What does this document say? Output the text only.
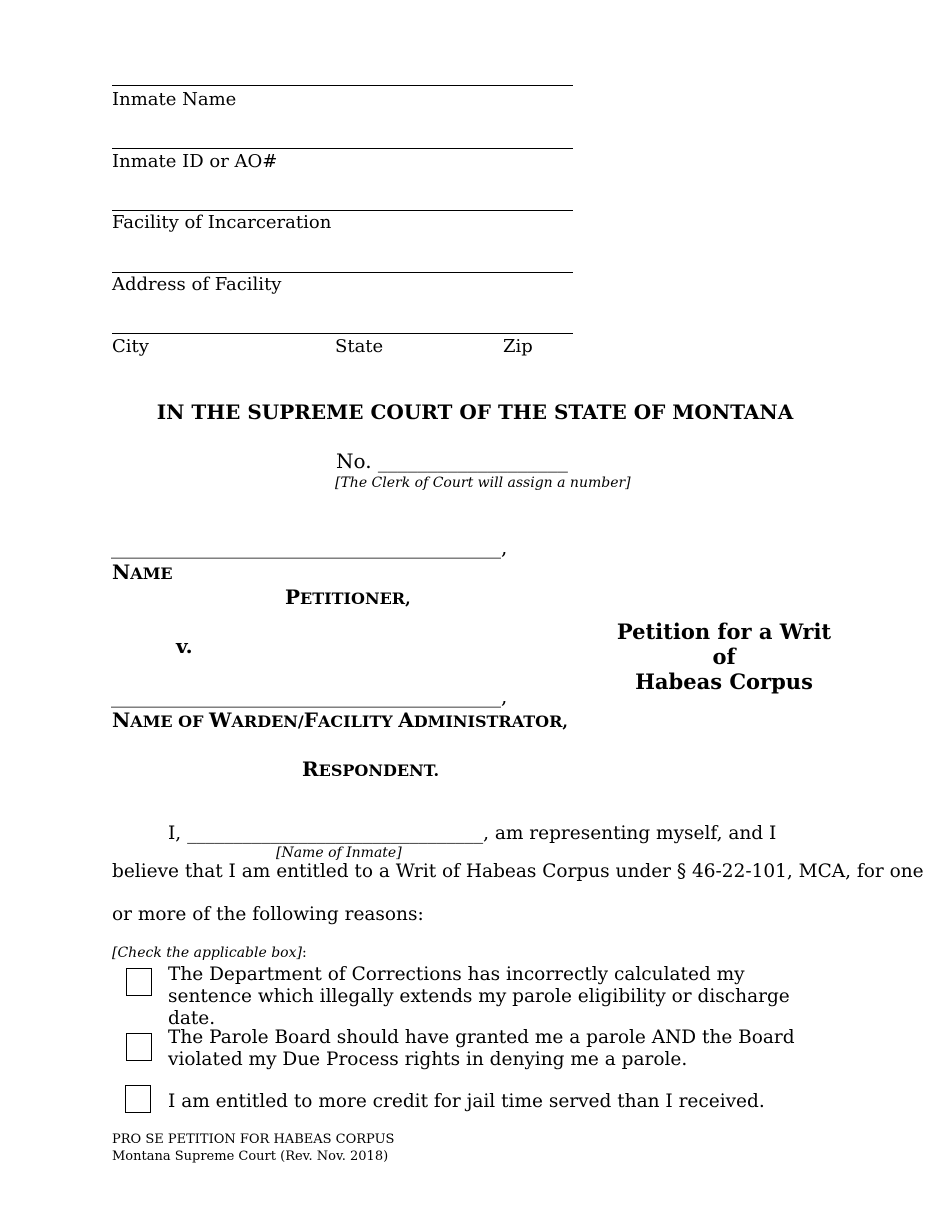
Inmate Name
Inmate ID or AO#
Facility of Incarceration
Address of Facility
City	State	Zip
IN THE SUPREME COURT OF THE STATE OF MONTANA
No. ___________________
[The Clerk of Court will assign a number]
_______________________________________,
NAME
PETITIONER,
v.
Petition for a Writ
of
Habeas Corpus
_______________________________________,
NAME OF WARDEN/FACILITY ADMINISTRATOR,
RESPONDENT.
I, ________________________________, am representing myself, and I
[Name of Inmate]
believe that I am entitled to a Writ of Habeas Corpus under § 46-22-101, MCA, for one
or more of the following reasons:
[Check the applicable box]:
The Department of Corrections has incorrectly calculated my sentence which illegally extends my parole eligibility or discharge date.
The Parole Board should have granted me a parole AND the Board violated my Due Process rights in denying me a parole.
I am entitled to more credit for jail time served than I received.
PRO SE PETITION FOR HABEAS CORPUS
Montana Supreme Court (Rev. Nov. 2018)
